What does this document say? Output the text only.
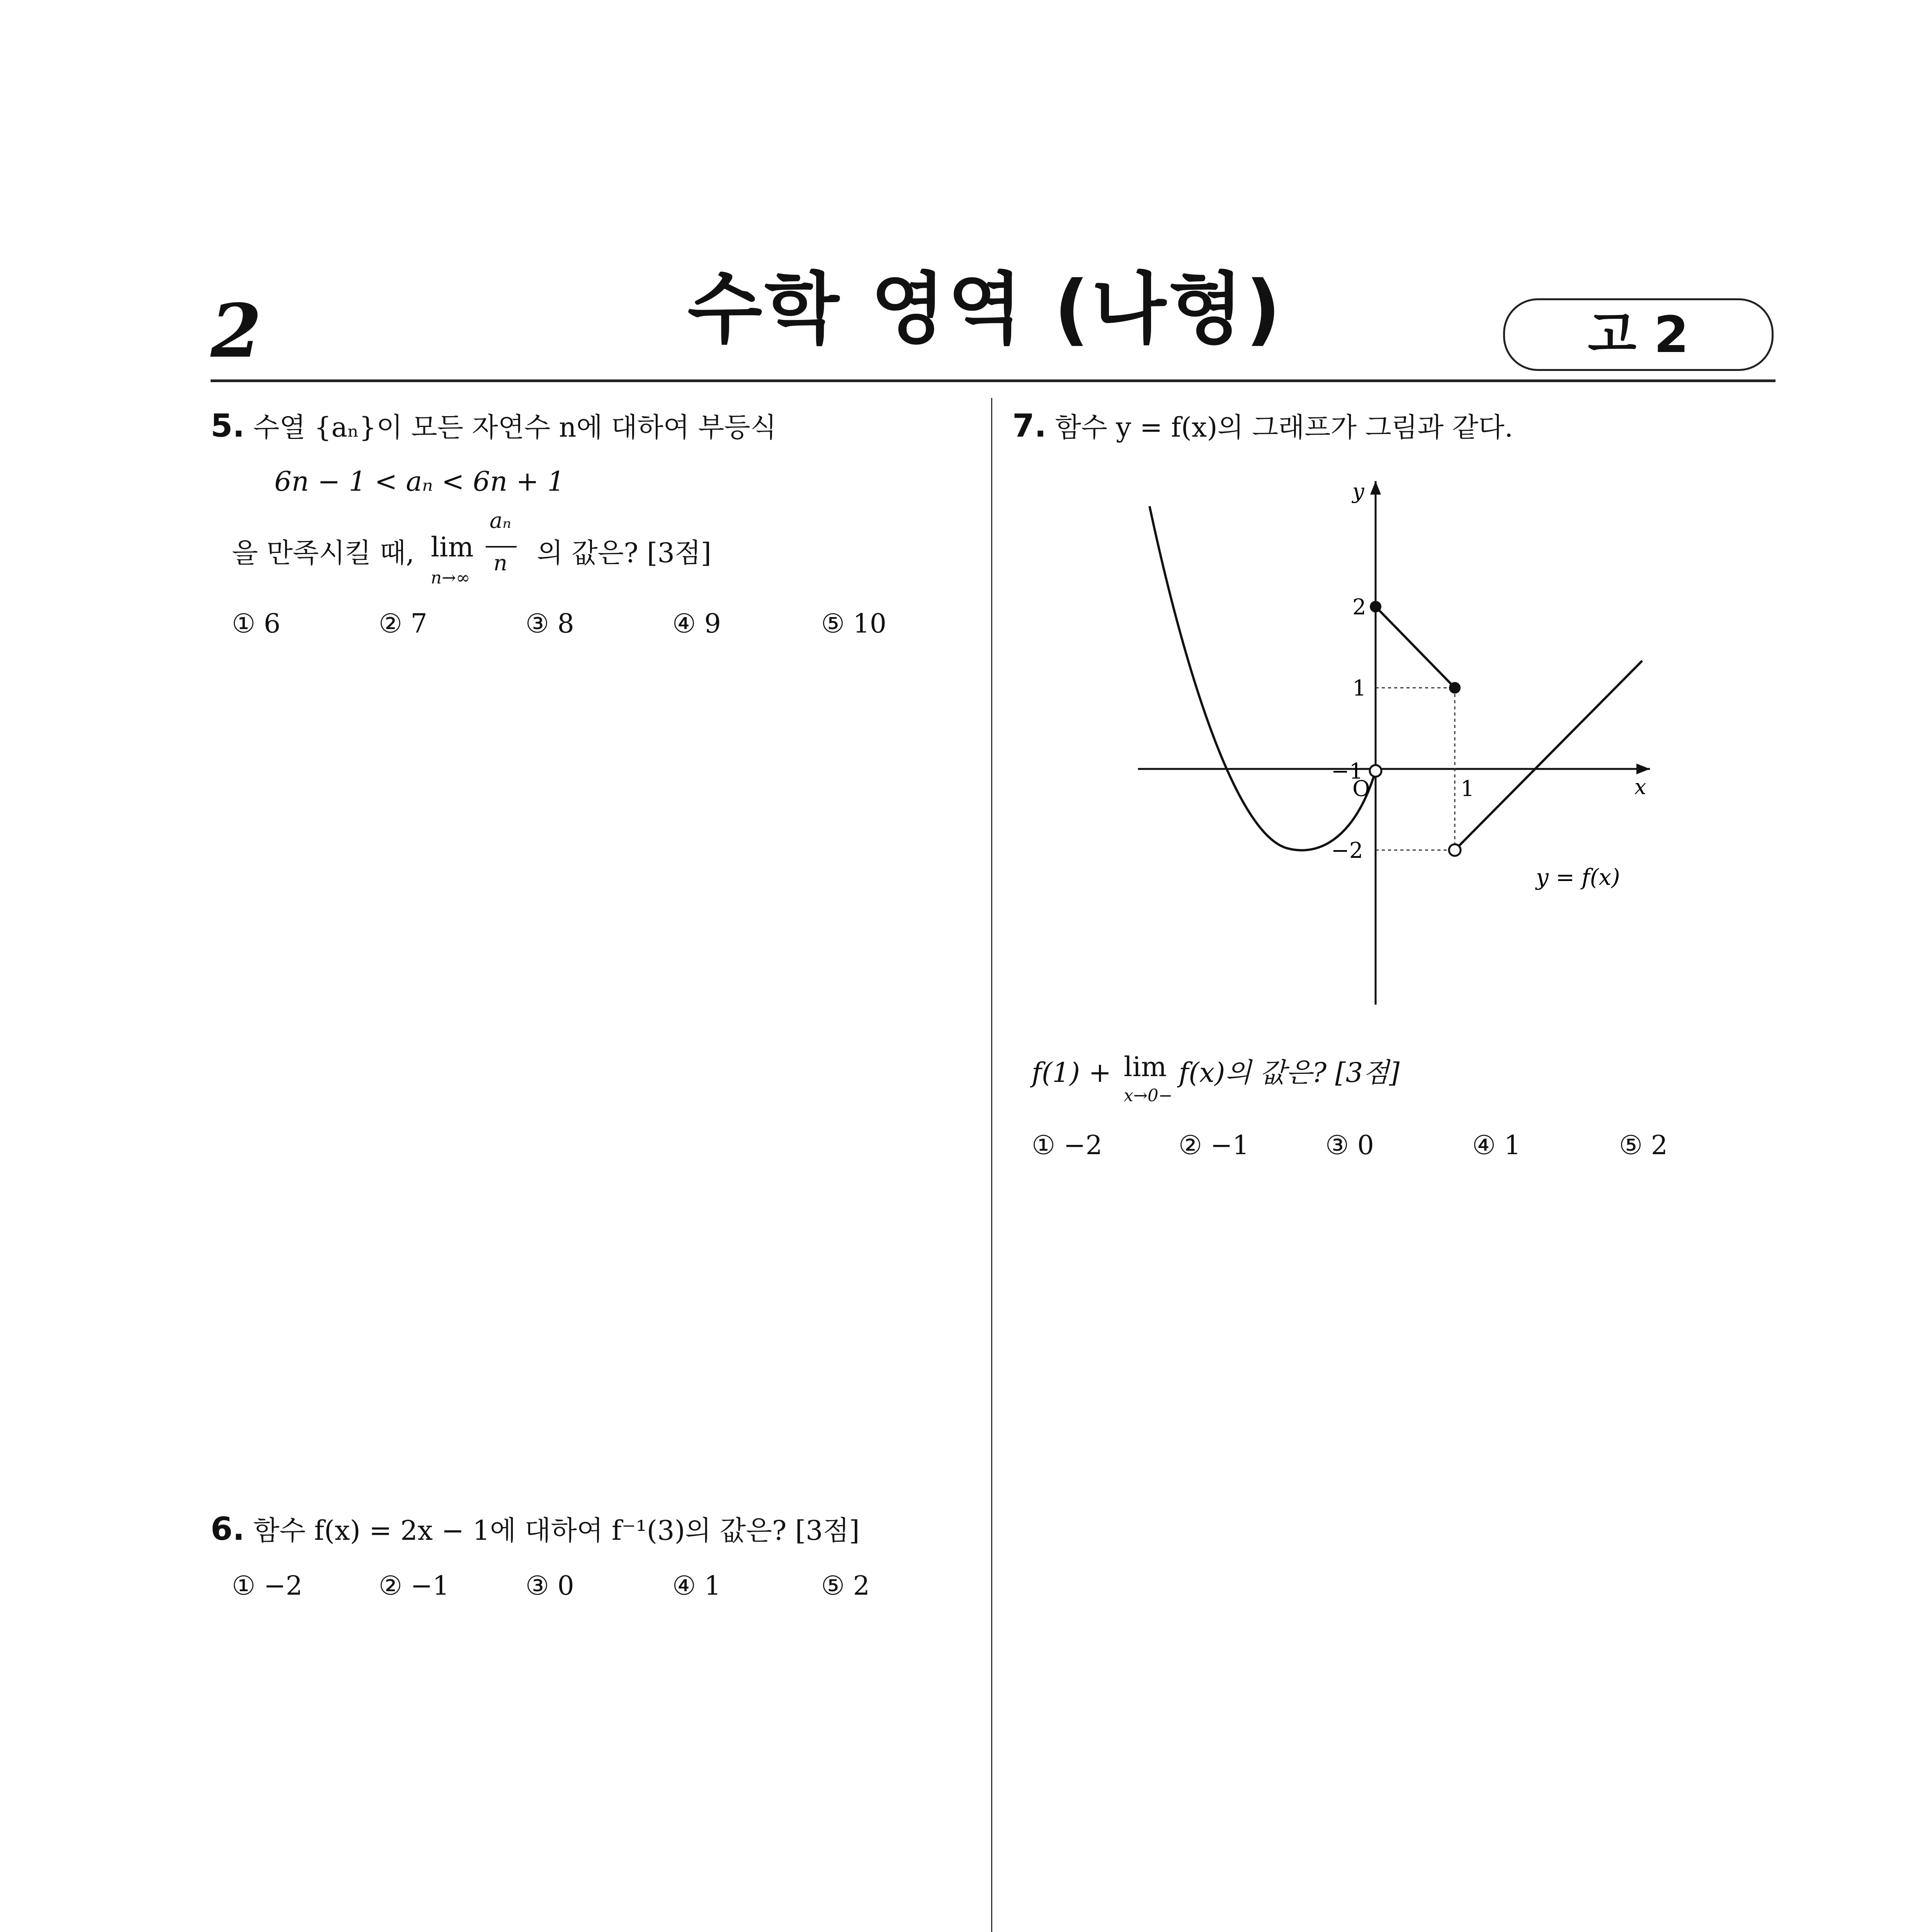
2	수학 영역 (나형)	고 2
5. 수열 {aₙ}이 모든 자연수 n에 대하여 부등식
6n − 1 < aₙ < 6n + 1
을 만족시킬 때, lim
n→∞

$\frac{\text{aₙ}}{n}$ 의 값은? [3점]
① 6	② 7	③ 8	④ 9	⑤ 10
6. 함수 f(x) = 2x − 1에 대하여 f⁻¹(3)의 값은? [3점]
① −2	② −1	③ 0	④ 1	⑤ 2
7. 함수 y = f(x)의 그래프가 그림과 같다.
y
x
O
2
1
−1
−2
1
y = f(x)
f(1) + lim
x→0−
f(x)의 값은? [3점]
① −2	② −1	③ 0	④ 1	⑤ 2
